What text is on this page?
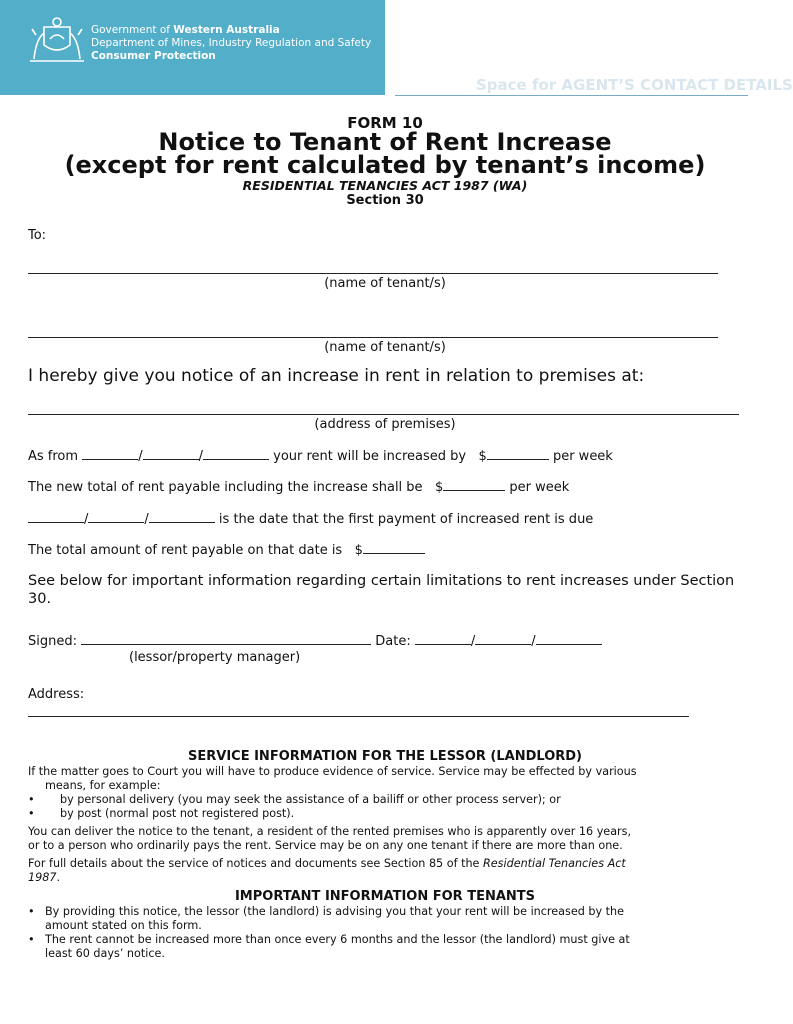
Government of Western Australia
Department of Mines, Industry Regulation and Safety
Consumer Protection
Space for AGENT’S CONTACT DETAILS
FORM 10
Notice to Tenant of Rent Increase
(except for rent calculated by tenant’s income)
RESIDENTIAL TENANCIES ACT 1987 (WA)
Section 30
To:
(name of tenant/s)
(name of tenant/s)
I hereby give you notice of an increase in rent in relation to premises at:
(address of premises)
As from	/	/	your rent will be increased by $	per week
The new total of rent payable including the increase shall be $	per week
/	/	is the date that the first payment of increased rent is due
The total amount of rent payable on that date is $
See below for important information regarding certain limitations to rent increases under Section 30.
Signed:	Date:	/	/
(lessor/property manager)
Address:
SERVICE INFORMATION FOR THE LESSOR (LANDLORD)
If the matter goes to Court you will have to produce evidence of service. Service may be effected by various
means, for example:
• by personal delivery (you may seek the assistance of a bailiff or other process server); or
• by post (normal post not registered post).
You can deliver the notice to the tenant, a resident of the rented premises who is apparently over 16 years,
or to a person who ordinarily pays the rent. Service may be on any one tenant if there are more than one.
For full details about the service of notices and documents see Section 85 of the Residential Tenancies Act
1987.
IMPORTANT INFORMATION FOR TENANTS
• By providing this notice, the lessor (the landlord) is advising you that your rent will be increased by the
amount stated on this form.
• The rent cannot be increased more than once every 6 months and the lessor (the landlord) must give at
least 60 days’ notice.
